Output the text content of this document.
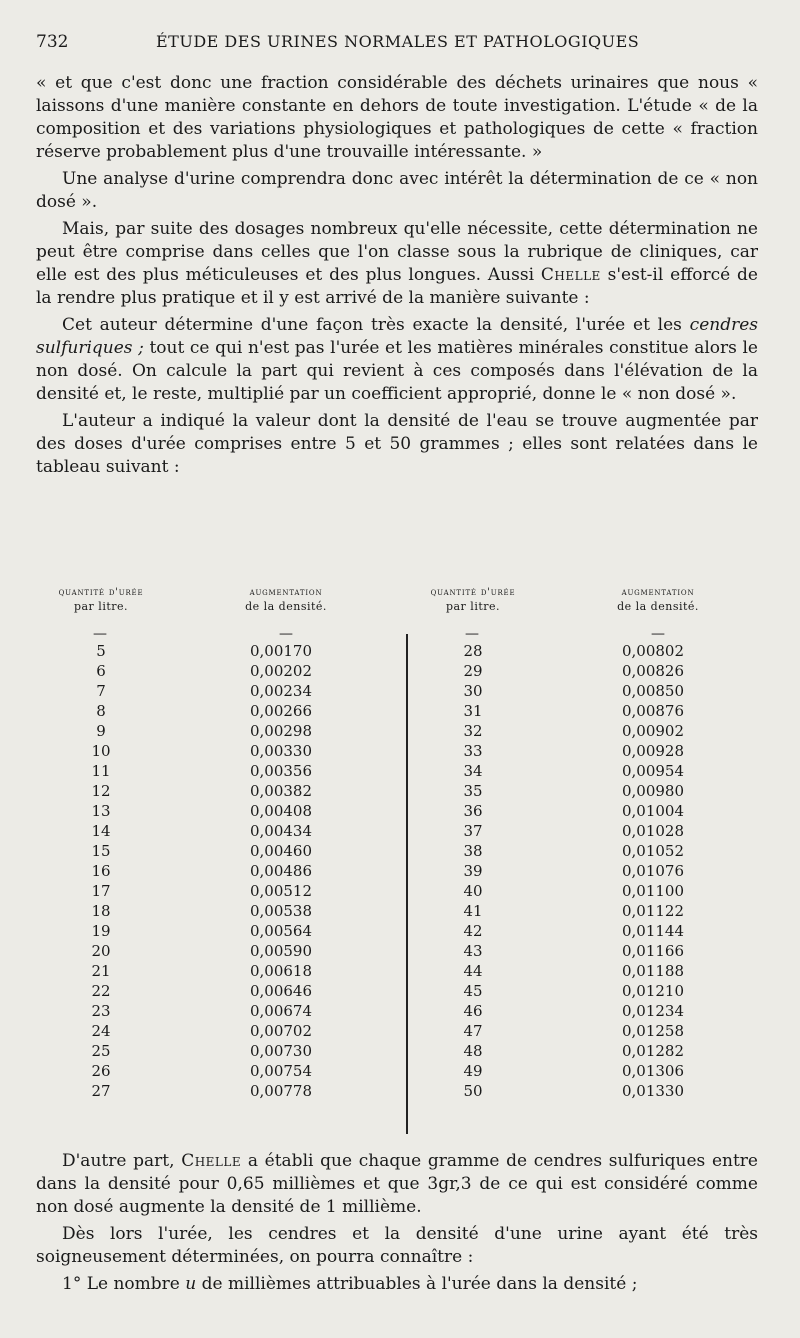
732	ÉTUDE DES URINES NORMALES ET PATHOLOGIQUES

« et que c'est donc une fraction considérable des déchets urinaires que nous « laissons d'une manière constante en dehors de toute investigation. L'étude « de la composition et des variations physiologiques et pathologiques de cette « fraction réserve probablement plus d'une trouvaille intéressante. »

Une analyse d'urine comprendra donc avec intérêt la détermination de ce « non dosé ».

Mais, par suite des dosages nombreux qu'elle nécessite, cette détermination ne peut être comprise dans celles que l'on classe sous la rubrique de cliniques, car elle est des plus méticuleuses et des plus longues. Aussi Chelle s'est-il efforcé de la rendre plus pratique et il y est arrivé de la manière suivante :

Cet auteur détermine d'une façon très exacte la densité, l'urée et les cendres sulfuriques ; tout ce qui n'est pas l'urée et les matières minérales constitue alors le non dosé. On calcule la part qui revient à ces composés dans l'élévation de la densité et, le reste, multiplié par un coefficient approprié, donne le « non dosé ».

L'auteur a indiqué la valeur dont la densité de l'eau se trouve augmentée par des doses d'urée comprises entre 5 et 50 grammes ; elles sont relatées dans le tableau suivant :

quantité d'urée
par litre.
augmentation
de la densité.
—	—
5	0,00170
6	0,00202
7	0,00234
8	0,00266
9	0,00298
10	0,00330
11	0,00356
12	0,00382
13	0,00408
14	0,00434
15	0,00460
16	0,00486
17	0,00512
18	0,00538
19	0,00564
20	0,00590
21	0,00618
22	0,00646
23	0,00674
24	0,00702
25	0,00730
26	0,00754
27	0,00778
quantité d'urée
par litre.
augmentation
de la densité.
—	—
28	0,00802
29	0,00826
30	0,00850
31	0,00876
32	0,00902
33	0,00928
34	0,00954
35	0,00980
36	0,01004
37	0,01028
38	0,01052
39	0,01076
40	0,01100
41	0,01122
42	0,01144
43	0,01166
44	0,01188
45	0,01210
46	0,01234
47	0,01258
48	0,01282
49	0,01306
50	0,01330

D'autre part, Chelle a établi que chaque gramme de cendres sulfuriques entre dans la densité pour 0,65 millièmes et que 3gr,3 de ce qui est considéré comme non dosé augmente la densité de 1 millième.

Dès lors l'urée, les cendres et la densité d'une urine ayant été très soigneusement déterminées, on pourra connaître :

1° Le nombre u de millièmes attribuables à l'urée dans la densité ;
